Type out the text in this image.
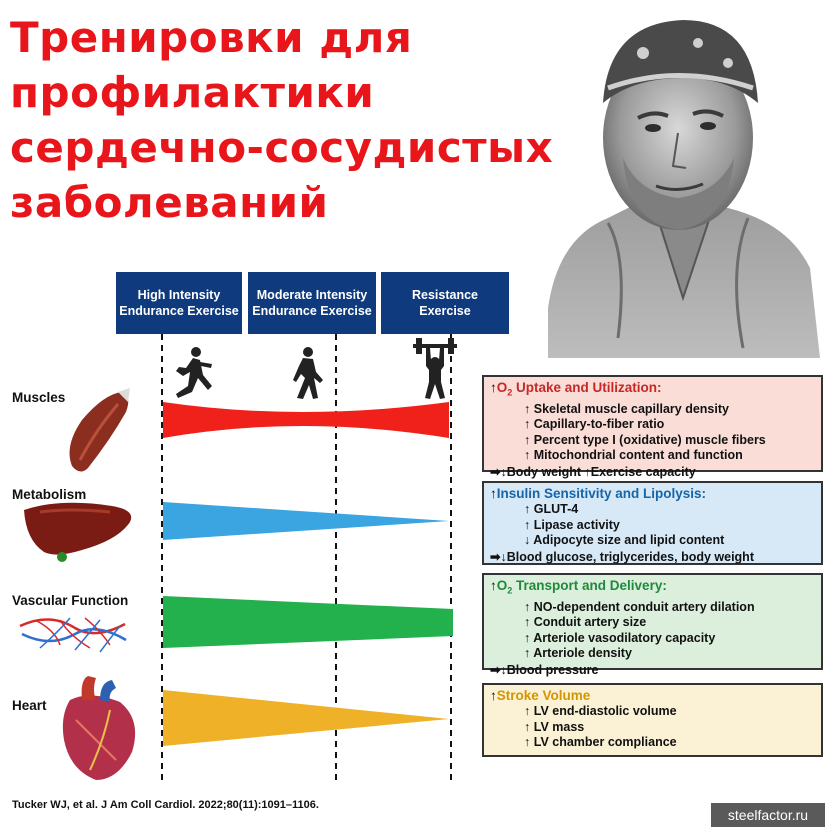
Тренировки для
профилактики
сердечно-сосудистых
заболеваний
High Intensity
Endurance Exercise
Moderate Intensity
Endurance Exercise
Resistance
Exercise
Muscles
Metabolism
Vascular Function
Heart
$↑O_2$ Uptake and Utilization:
↑ Skeletal muscle capillary density
↑ Capillary-to-fiber ratio
↑ Percent type I (oxidative) muscle fibers
↑ Mitochondrial content and function
➡↓Body weight ↑Exercise capacity
↑Insulin Sensitivity and Lipolysis:
↑ GLUT-4
↑ Lipase activity
↓ Adipocyte size and lipid content
➡↓Blood glucose, triglycerides, body weight
$↑O_2$ Transport and Delivery:
↑ NO-dependent conduit artery dilation
↑ Conduit artery size
↑ Arteriole vasodilatory capacity
↑ Arteriole density
➡↓Blood pressure
↑Stroke Volume
↑ LV end-diastolic volume
↑ LV mass
↑ LV chamber compliance
Tucker WJ, et al. J Am Coll Cardiol. 2022;80(11):1091–1106.
steelfactor.ru
